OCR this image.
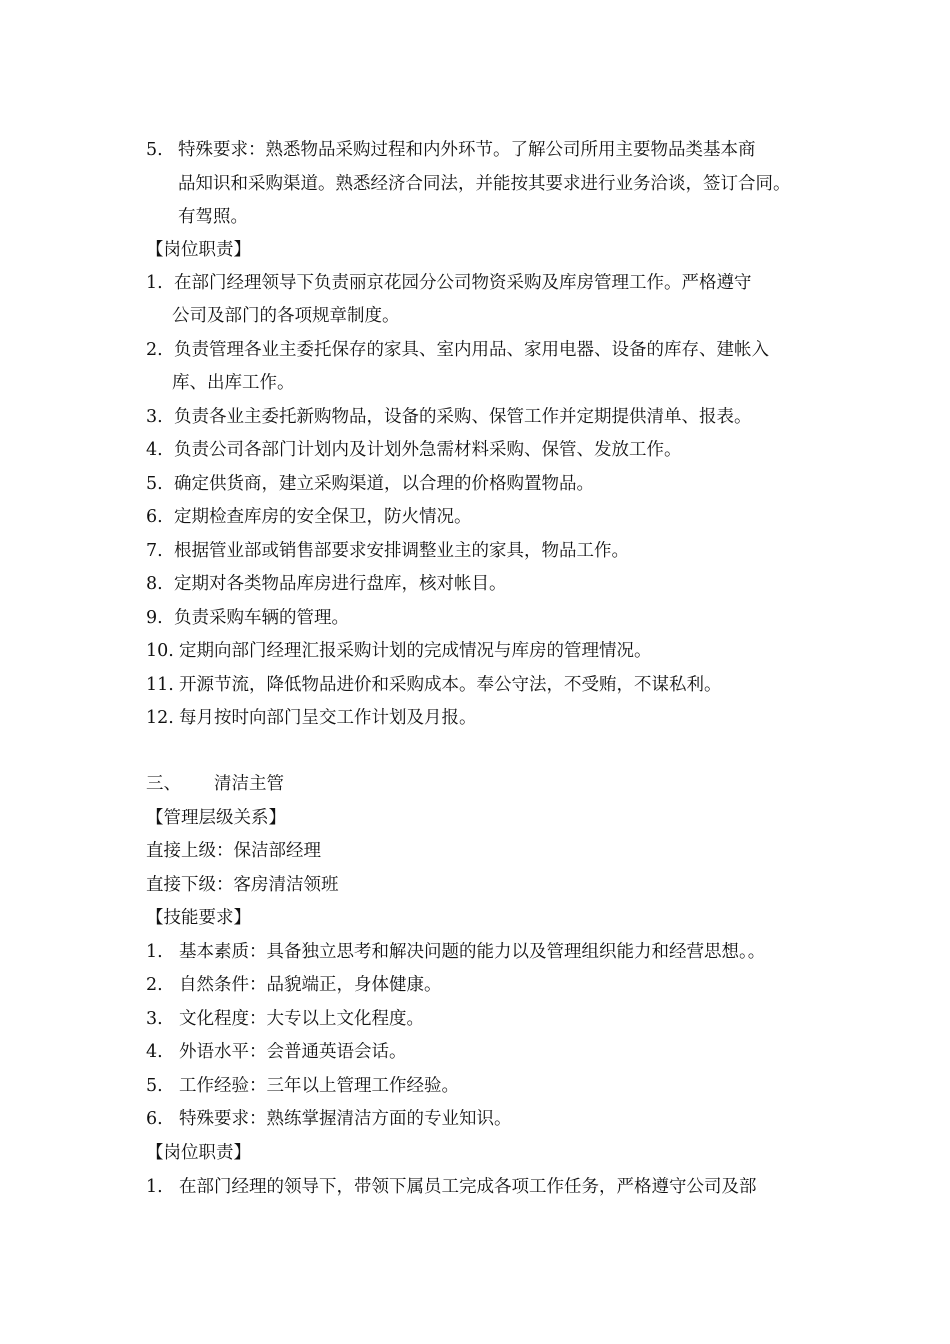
5. 特殊要求：熟悉物品采购过程和内外环节。了解公司所用主要物品类基本商
品知识和采购渠道。熟悉经济合同法，并能按其要求进行业务洽谈，签订合同。
有驾照。
【岗位职责】
1. 在部门经理领导下负责丽京花园分公司物资采购及库房管理工作。严格遵守
公司及部门的各项规章制度。
2. 负责管理各业主委托保存的家具、室内用品、家用电器、设备的库存、建帐入
库、出库工作。
3. 负责各业主委托新购物品，设备的采购、保管工作并定期提供清单、报表。
4. 负责公司各部门计划内及计划外急需材料采购、保管、发放工作。
5. 确定供货商，建立采购渠道，以合理的价格购置物品。
6. 定期检查库房的安全保卫，防火情况。
7. 根据管业部或销售部要求安排调整业主的家具，物品工作。
8. 定期对各类物品库房进行盘库，核对帐目。
9. 负责采购车辆的管理。
10. 定期向部门经理汇报采购计划的完成情况与库房的管理情况。
11. 开源节流，降低物品进价和采购成本。奉公守法，不受贿，不谋私利。
12. 每月按时向部门呈交工作计划及月报。
三、 清洁主管
【管理层级关系】
直接上级：保洁部经理
直接下级：客房清洁领班
【技能要求】
1. 基本素质：具备独立思考和解决问题的能力以及管理组织能力和经营思想。。
2. 自然条件：品貌端正，身体健康。
3. 文化程度：大专以上文化程度。
4. 外语水平：会普通英语会话。
5. 工作经验：三年以上管理工作经验。
6. 特殊要求：熟练掌握清洁方面的专业知识。
【岗位职责】
1. 在部门经理的领导下，带领下属员工完成各项工作任务，严格遵守公司及部
